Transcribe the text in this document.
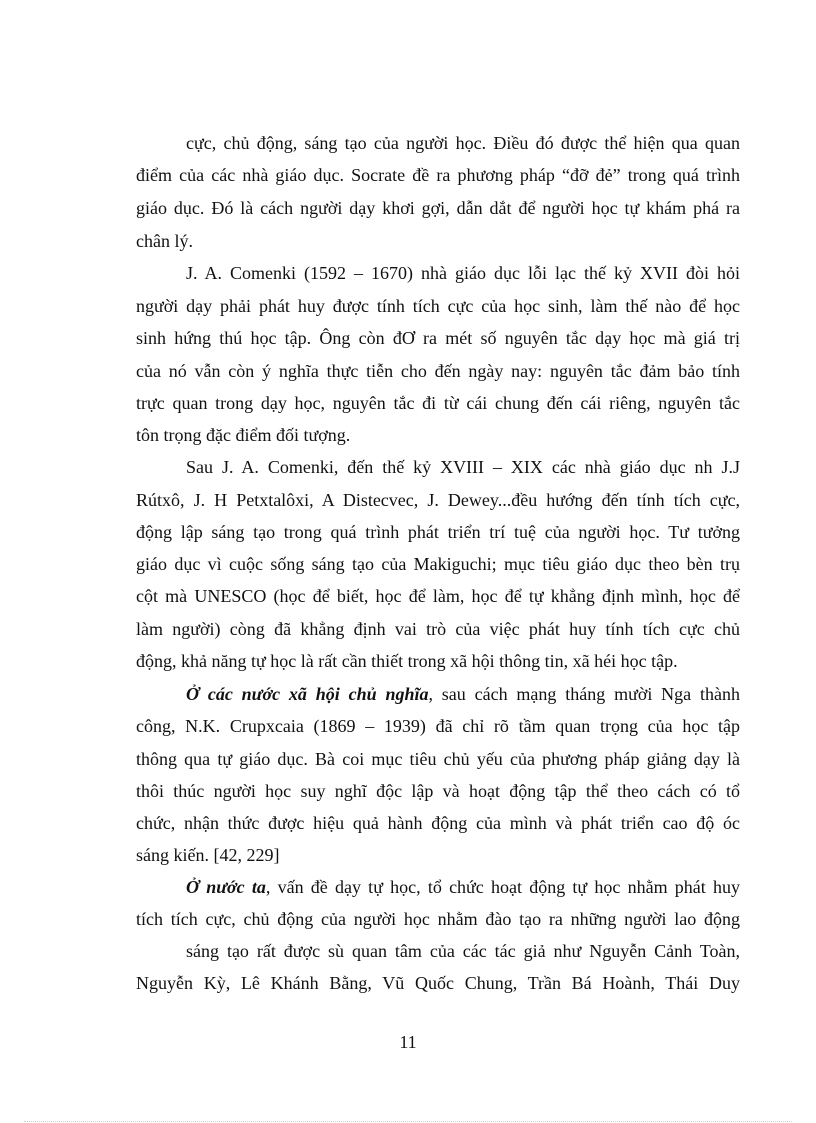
cực, chủ động, sáng tạo của người học. Điều đó được thể hiện qua quan
điểm của các nhà giáo dục. Socrate đề ra phương pháp “đỡ đẻ” trong quá trình
giáo dục. Đó là cách người dạy khơi gợi, dẫn dắt để người học tự khám phá ra
chân lý.
J. A. Comenki (1592 – 1670) nhà giáo dục lỗi lạc thế kỷ XVII đòi hỏi
người dạy phải phát huy được tính tích cực của học sinh, làm thế nào để học
sinh hứng thú học tập. Ông còn đƠ ra mét số nguyên tắc dạy học mà giá trị
của nó vẫn còn ý nghĩa thực tiễn cho đến ngày nay: nguyên tắc đảm bảo tính
trực quan trong dạy học, nguyên tắc đi từ cái chung đến cái riêng, nguyên tắc
tôn trọng đặc điểm đối tượng.
Sau J. A. Comenki, đến thế kỷ XVIII – XIX các nhà giáo dục nh J.J
Rútxô, J. H Petxtalôxi, A Distecvec, J. Dewey...đều hướng đến tính tích cực,
động lập sáng tạo trong quá trình phát triển trí tuệ của người học. Tư tưởng
giáo dục vì cuộc sống sáng tạo của Makiguchi; mục tiêu giáo dục theo bèn trụ
cột mà UNESCO (học để biết, học để làm, học để tự khẳng định mình, học để
làm người) còng đã khẳng định vai trò của việc phát huy tính tích cực chủ
động, khả năng tự học là rất cần thiết trong xã hội thông tin, xã héi học tập.
Ở các nước xã hội chủ nghĩa, sau cách mạng tháng mười Nga thành
công, N.K. Crupxcaia (1869 – 1939) đã chỉ rõ tầm quan trọng của học tập
thông qua tự giáo dục. Bà coi mục tiêu chủ yếu của phương pháp giảng dạy là
thôi thúc người học suy nghĩ độc lập và hoạt động tập thể theo cách có tổ
chức, nhận thức được hiệu quả hành động của mình và phát triển cao độ óc
sáng kiến. [42, 229]
Ở nước ta, vấn đề dạy tự học, tổ chức hoạt động tự học nhằm phát huy
tích tích cực, chủ động của người học nhằm đào tạo ra những người lao động
sáng tạo rất được sù quan tâm của các tác giả như Nguyễn Cảnh Toàn,
Nguyễn Kỳ, Lê Khánh Bằng, Vũ Quốc Chung, Trần Bá Hoành, Thái Duy
11
